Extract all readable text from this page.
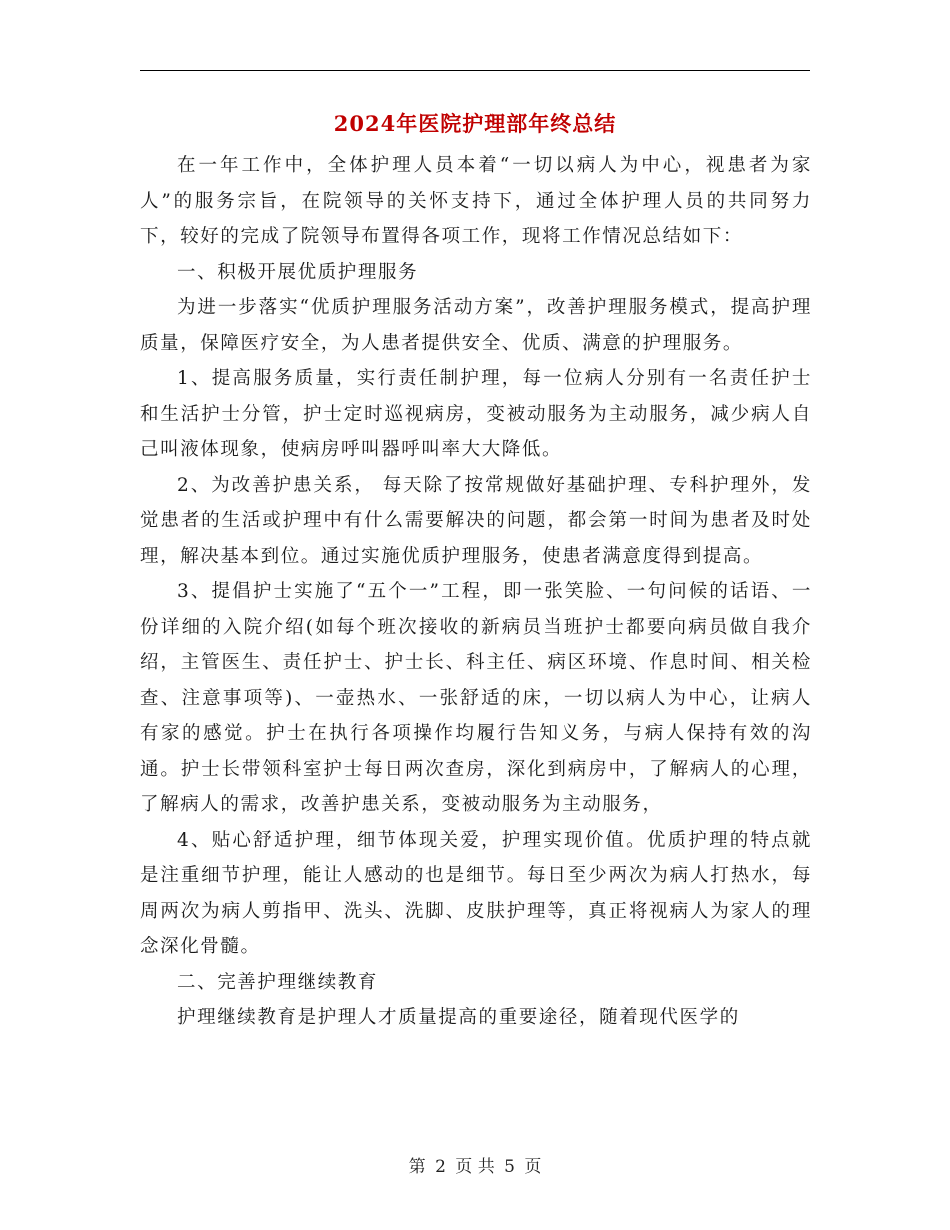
2024年医院护理部年终总结

在一年工作中，全体护理人员本着“一切以病人为中心，视患者为家人”的服务宗旨，在院领导的关怀支持下，通过全体护理人员的共同努力下，较好的完成了院领导布置得各项工作，现将工作情况总结如下：

一、积极开展优质护理服务

为进一步落实“优质护理服务活动方案”，改善护理服务模式，提高护理质量，保障医疗安全，为人患者提供安全、优质、满意的护理服务。

1、提高服务质量，实行责任制护理，每一位病人分别有一名责任护士和生活护士分管，护士定时巡视病房，变被动服务为主动服务，减少病人自己叫液体现象，使病房呼叫器呼叫率大大降低。

2、为改善护患关系， 每天除了按常规做好基础护理、专科护理外，发觉患者的生活或护理中有什么需要解决的问题，都会第一时间为患者及时处理，解决基本到位。通过实施优质护理服务，使患者满意度得到提高。

3、提倡护士实施了“五个一”工程，即一张笑脸、一句问候的话语、一份详细的入院介绍(如每个班次接收的新病员当班护士都要向病员做自我介绍，主管医生、责任护士、护士长、科主任、病区环境、作息时间、相关检查、注意事项等)、一壶热水、一张舒适的床，一切以病人为中心，让病人有家的感觉。护士在执行各项操作均履行告知义务，与病人保持有效的沟通。护士长带领科室护士每日两次查房，深化到病房中，了解病人的心理，了解病人的需求，改善护患关系，变被动服务为主动服务，

4、贴心舒适护理，细节体现关爱，护理实现价值。优质护理的特点就是注重细节护理，能让人感动的也是细节。每日至少两次为病人打热水，每周两次为病人剪指甲、洗头、洗脚、皮肤护理等，真正将视病人为家人的理念深化骨髓。

二、完善护理继续教育

护理继续教育是护理人才质量提高的重要途径，随着现代医学的

第 2 页 共 5 页
